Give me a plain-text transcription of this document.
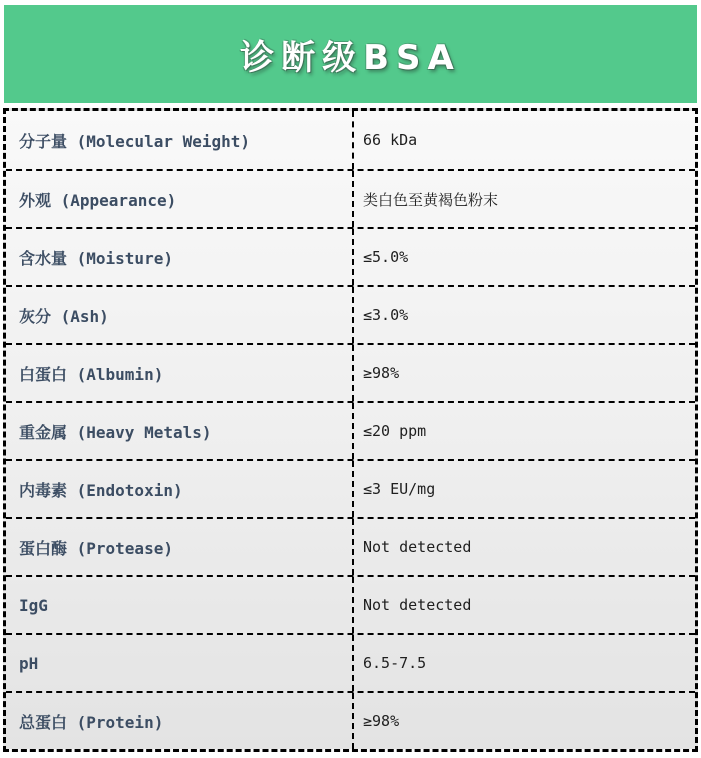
诊断级BSA
分子量 (Molecular Weight)	66 kDa
外观 (Appearance)	类白色至黄褐色粉末
含水量 (Moisture)	≤5.0%
灰分 (Ash)	≤3.0%
白蛋白 (Albumin)	≥98%
重金属 (Heavy Metals)	≤20 ppm
内毒素 (Endotoxin)	≤3 EU/mg
蛋白酶 (Protease)	Not detected
IgG	Not detected
pH	6.5-7.5
总蛋白 (Protein)	≥98%
